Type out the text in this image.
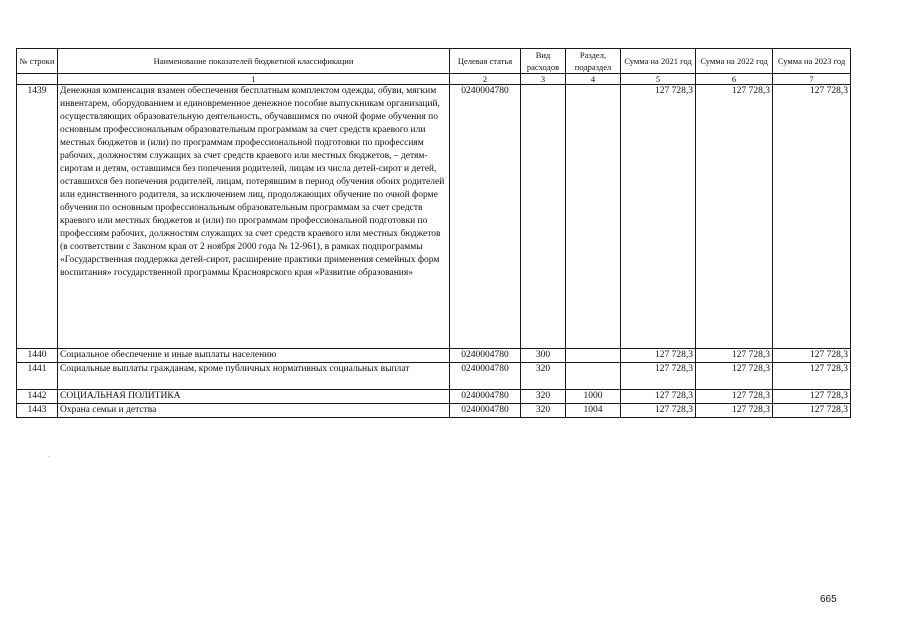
№ строки	Наименование показателей бюджетной классификации	Целевая статья	Вид расходов	Раздел, подраздел	Сумма на 2021 год	Сумма на 2022 год	Сумма на 2023 год
	1	2	3	4	5	6	7
1439	Денежная компенсация взамен обеспечения бесплатным комплектом одежды, обуви, мягким инвентарем, оборудованием и единовременное денежное пособие выпускникам организаций, осуществляющих образовательную деятельность, обучавшимся по очной форме обучения по основным профессиональным образовательным программам за счет средств краевого или местных бюджетов и (или) по программам профессиональной подготовки по профессиям рабочих, должностям служащих за счет средств краевого или местных бюджетов, – детям-сиротам и детям, оставшимся без попечения родителей, лицам из числа детей-сирот и детей, оставшихся без попечения родителей, лицам, потерявшим в период обучения обоих родителей или единственного родителя, за исключением лиц, продолжающих обучение по очной форме обучения по основным профессиональным образовательным программам за счет средств краевого или местных бюджетов и (или) по программам профессиональной подготовки по профессиям рабочих, должностям служащих за счет средств краевого или местных бюджетов (в соответствии с Законом края от 2 ноября 2000 года № 12-961), в рамках подпрограммы «Государственная поддержка детей-сирот, расширение практики применения семейных форм воспитания» государственной программы Красноярского края «Развитие образования»	0240004780			127 728,3	127 728,3	127 728,3
1440	Социальное обеспечение и иные выплаты населению	0240004780	300		127 728,3	127 728,3	127 728,3
1441	Социальные выплаты гражданам, кроме публичных нормативных социальных выплат	0240004780	320		127 728,3	127 728,3	127 728,3
1442	СОЦИАЛЬНАЯ ПОЛИТИКА	0240004780	320	1000	127 728,3	127 728,3	127 728,3
1443	Охрана семьи и детства	0240004780	320	1004	127 728,3	127 728,3	127 728,3
665
